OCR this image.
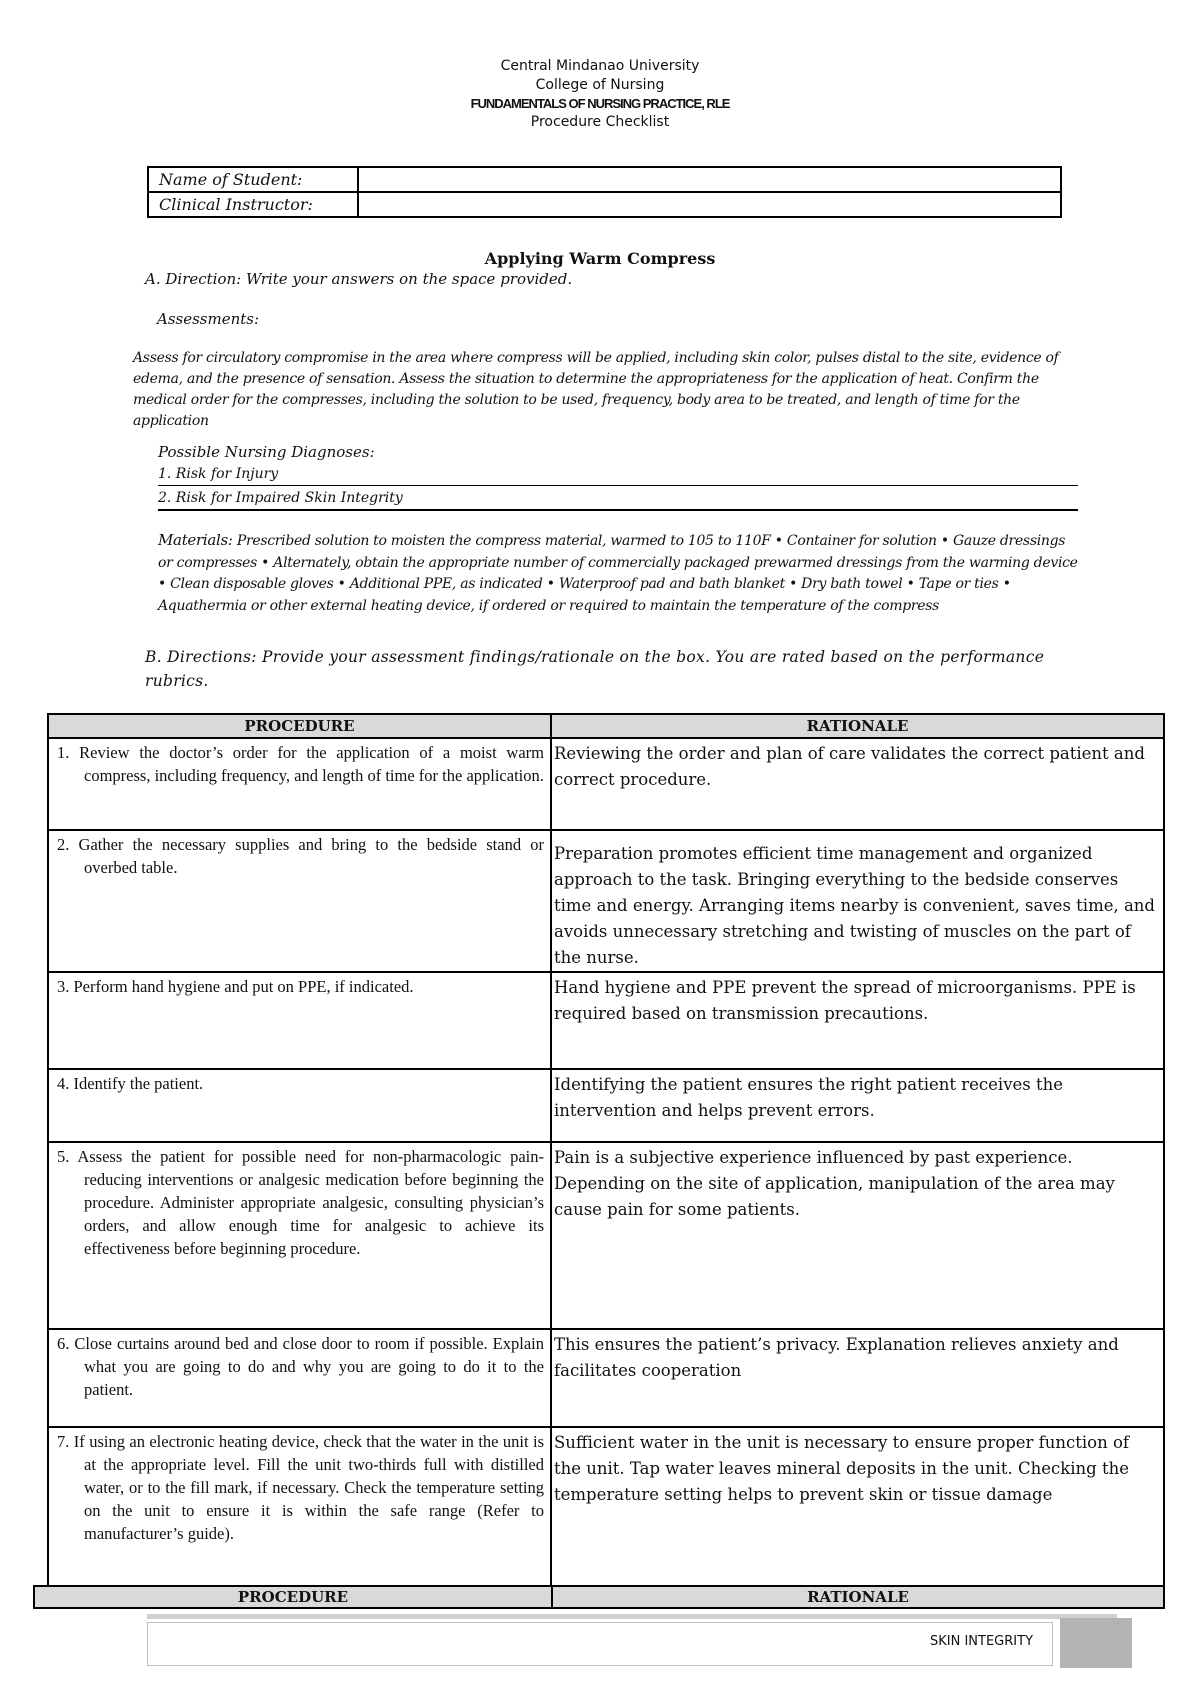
Central Mindanao University
College of Nursing
FUNDAMENTALS OF NURSING PRACTICE, RLE
Procedure Checklist
Name of Student:	
Clinical Instructor:	
Applying Warm Compress
A. Direction: Write your answers on the space provided.
Assessments:
Assess for circulatory compromise in the area where compress will be applied, including skin color, pulses distal to the site, evidence of edema, and the presence of sensation. Assess the situation to determine the appropriateness for the application of heat. Confirm the medical order for the compresses, including the solution to be used, frequency, body area to be treated, and length of time for the application
Possible Nursing Diagnoses:
1. Risk for Injury
2. Risk for Impaired Skin Integrity
Materials: Prescribed solution to moisten the compress material, warmed to 105 to 110F • Container for solution • Gauze dressings or compresses • Alternately, obtain the appropriate number of commercially packaged prewarmed dressings from the warming device • Clean disposable gloves • Additional PPE, as indicated • Waterproof pad and bath blanket • Dry bath towel • Tape or ties • Aquathermia or other external heating device, if ordered or required to maintain the temperature of the compress
B. Directions: Provide your assessment findings/rationale on the box. You are rated based on the performance rubrics.
PROCEDURE	RATIONALE

1. Review the doctor’s order for the application of a moist warm compress, including frequency, and length of time for the application.	Reviewing the order and plan of care validates the correct patient and correct procedure.

2. Gather the necessary supplies and bring to the bedside stand or overbed table.	Preparation promotes efficient time management and organized approach to the task. Bringing everything to the bedside conserves time and energy. Arranging items nearby is convenient, saves time, and avoids unnecessary stretching and twisting of muscles on the part of the nurse.

3. Perform hand hygiene and put on PPE, if indicated.	Hand hygiene and PPE prevent the spread of microorganisms. PPE is required based on transmission precautions.

4. Identify the patient.	Identifying the patient ensures the right patient receives the intervention and helps prevent errors.

5. Assess the patient for possible need for non-pharmacologic pain-reducing interventions or analgesic medication before beginning the procedure. Administer appropriate analgesic, consulting physician’s orders, and allow enough time for analgesic to achieve its effectiveness before beginning procedure.	Pain is a subjective experience influenced by past experience. Depending on the site of application, manipulation of the area may cause pain for some patients.

6. Close curtains around bed and close door to room if possible. Explain what you are going to do and why you are going to do it to the patient.	This ensures the patient’s privacy. Explanation relieves anxiety and facilitates cooperation

7. If using an electronic heating device, check that the water in the unit is at the appropriate level. Fill the unit two-thirds full with distilled water, or to the fill mark, if necessary. Check the temperature setting on the unit to ensure it is within the safe range (Refer to manufacturer’s guide).	Sufficient water in the unit is necessary to ensure proper function of the unit. Tap water leaves mineral deposits in the unit. Checking the temperature setting helps to prevent skin or tissue damage
PROCEDURE	RATIONALE
SKIN INTEGRITY
